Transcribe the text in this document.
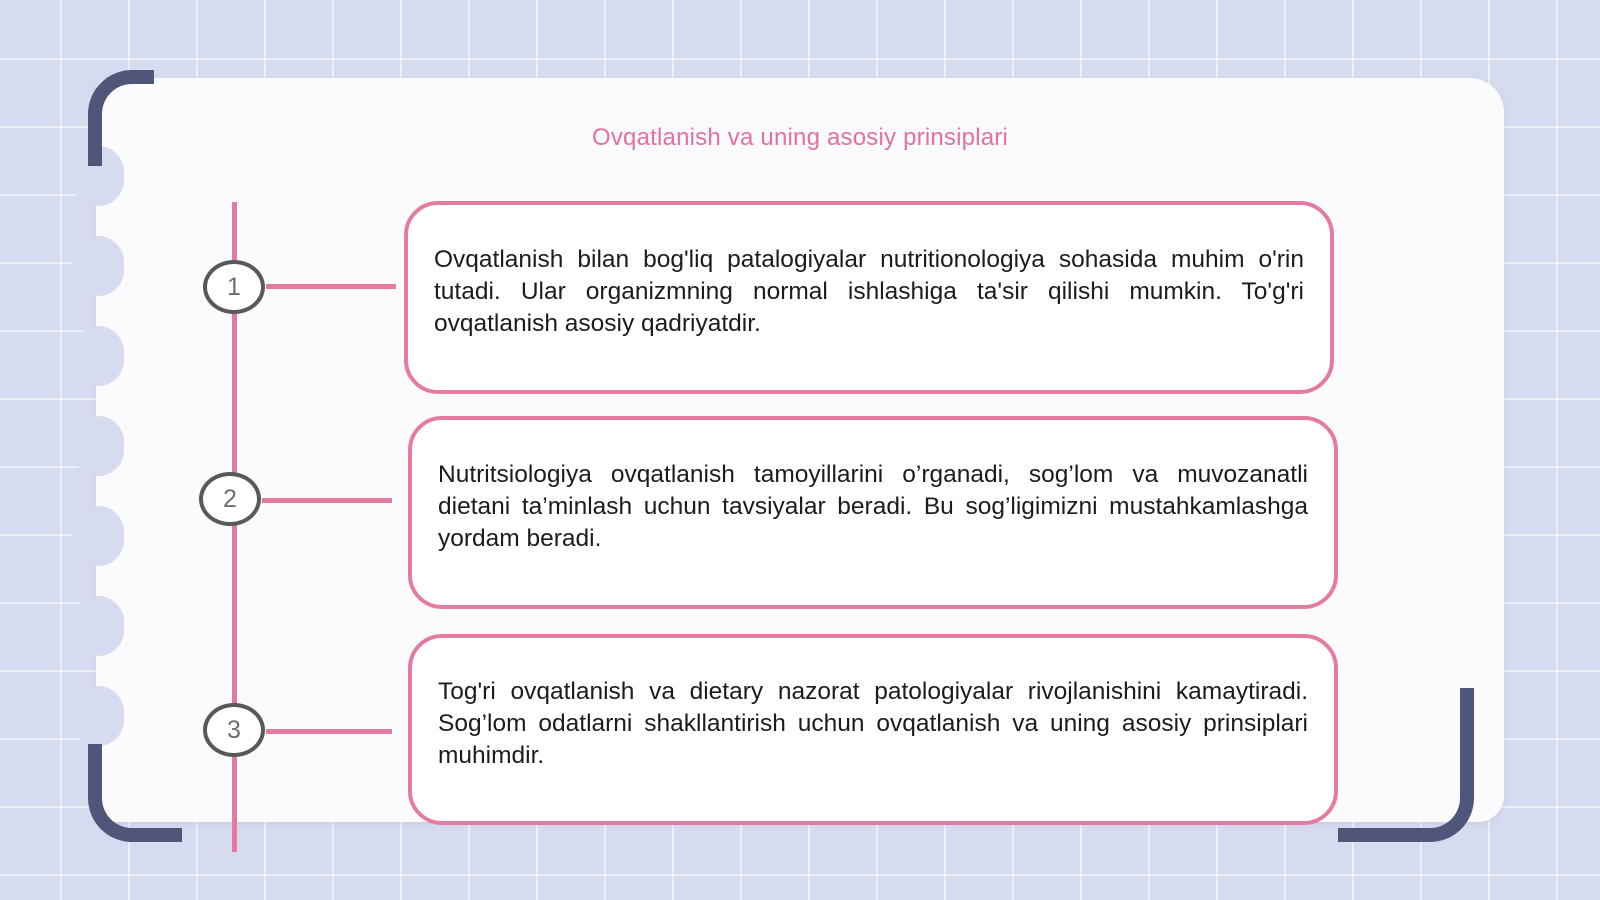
Ovqatlanish va uning asosiy prinsiplari
1

Ovqatlanish bilan bog'liq patalogiyalar nutritionologiya sohasida muhim o'rin tutadi. Ular organizmning normal ishlashiga ta'sir qilishi mumkin. To'g'ri ovqatlanish asosiy qadriyatdir.

2

Nutritsiologiya ovqatlanish tamoyillarini o’rganadi, sog’lom va muvozanatli dietani ta’minlash uchun tavsiyalar beradi. Bu sog’ligimizni mustahkamlashga yordam beradi.

3

Tog'ri ovqatlanish va dietary nazorat patologiyalar rivojlanishini kamaytiradi. Sog’lom odatlarni shakllantirish uchun ovqatlanish va uning asosiy prinsiplari muhimdir.
